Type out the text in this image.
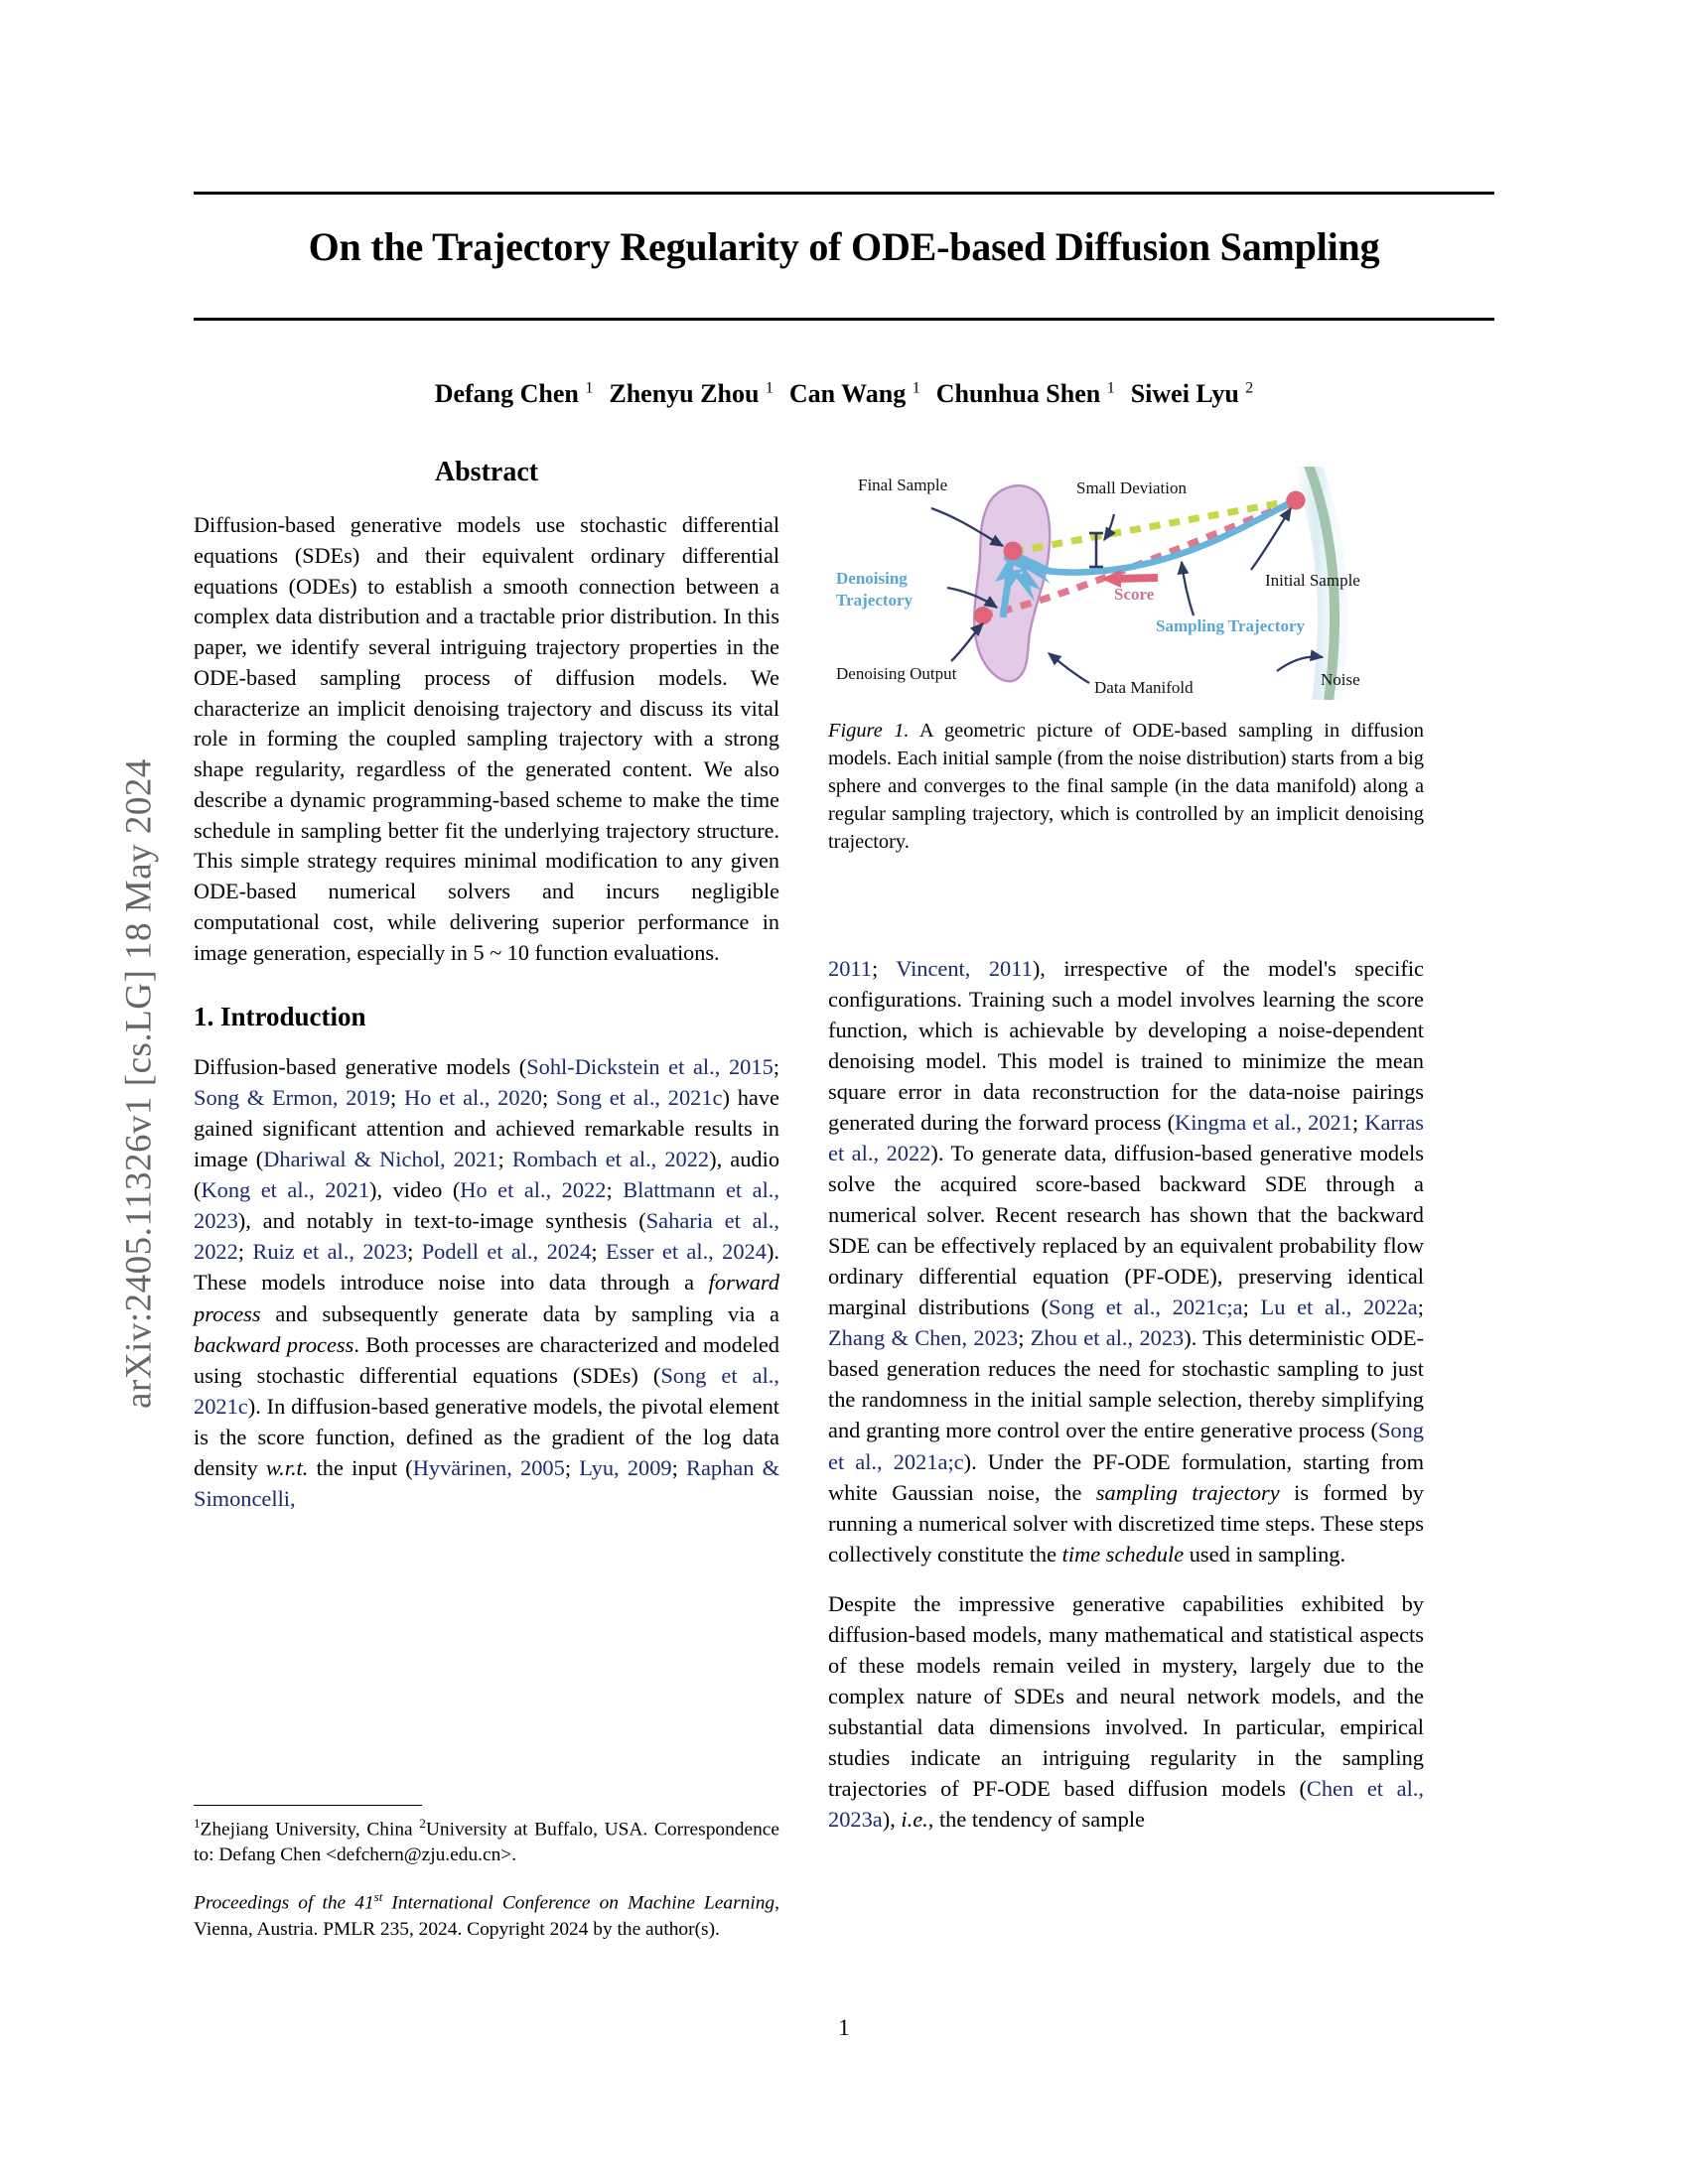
arXiv:2405.11326v1 [cs.LG] 18 May 2024
On the Trajectory Regularity of ODE-based Diffusion Sampling
Defang Chen $^1$ Zhenyu Zhou $^1$ Can Wang $^1$ Chunhua Shen $^1$ Siwei Lyu $^2$
Abstract

Diffusion-based generative models use stochastic differential equations (SDEs) and their equivalent ordinary differential equations (ODEs) to establish a smooth connection between a complex data distribution and a tractable prior distribution. In this paper, we identify several intriguing trajectory properties in the ODE-based sampling process of diffusion models. We characterize an implicit denoising trajectory and discuss its vital role in forming the coupled sampling trajectory with a strong shape regularity, regardless of the generated content. We also describe a dynamic programming-based scheme to make the time schedule in sampling better fit the underlying trajectory structure. This simple strategy requires minimal modification to any given ODE-based numerical solvers and incurs negligible computational cost, while delivering superior performance in image generation, especially in 5 ~ 10 function evaluations.

1. Introduction

Diffusion-based generative models (Sohl-Dickstein et al., 2015; Song & Ermon, 2019; Ho et al., 2020; Song et al., 2021c) have gained significant attention and achieved remarkable results in image (Dhariwal & Nichol, 2021; Rombach et al., 2022), audio (Kong et al., 2021), video (Ho et al., 2022; Blattmann et al., 2023), and notably in text-to-image synthesis (Saharia et al., 2022; Ruiz et al., 2023; Podell et al., 2024; Esser et al., 2024). These models introduce noise into data through a forward process and subsequently generate data by sampling via a backward process. Both processes are characterized and modeled using stochastic differential equations (SDEs) (Song et al., 2021c). In diffusion-based generative models, the pivotal element is the score function, defined as the gradient of the log data density w.r.t. the input (Hyvärinen, 2005; Lyu, 2009; Raphan & Simoncelli,

Final Sample	Small Deviation
Initial Sample
Denoising
Trajectory	Score
Sampling Trajectory
Denoising Output
Data Manifold	Noise
Figure 1. A geometric picture of ODE-based sampling in diffusion models. Each initial sample (from the noise distribution) starts from a big sphere and converges to the final sample (in the data manifold) along a regular sampling trajectory, which is controlled by an implicit denoising trajectory.

2011; Vincent, 2011), irrespective of the model's specific configurations. Training such a model involves learning the score function, which is achievable by developing a noise-dependent denoising model. This model is trained to minimize the mean square error in data reconstruction for the data-noise pairings generated during the forward process (Kingma et al., 2021; Karras et al., 2022). To generate data, diffusion-based generative models solve the acquired score-based backward SDE through a numerical solver. Recent research has shown that the backward SDE can be effectively replaced by an equivalent probability flow ordinary differential equation (PF-ODE), preserving identical marginal distributions (Song et al., 2021c;a; Lu et al., 2022a; Zhang & Chen, 2023; Zhou et al., 2023). This deterministic ODE-based generation reduces the need for stochastic sampling to just the randomness in the initial sample selection, thereby simplifying and granting more control over the entire generative process (Song et al., 2021a;c). Under the PF-ODE formulation, starting from white Gaussian noise, the sampling trajectory is formed by running a numerical solver with discretized time steps. These steps collectively constitute the time schedule used in sampling.

Despite the impressive generative capabilities exhibited by diffusion-based models, many mathematical and statistical aspects of these models remain veiled in mystery, largely due to the complex nature of SDEs and neural network models, and the substantial data dimensions involved. In particular, empirical studies indicate an intriguing regularity in the sampling trajectories of PF-ODE based diffusion models (Chen et al., 2023a), i.e., the tendency of sample

$^1$Zhejiang University, China $^2$University at Buffalo, USA. Correspondence to: Defang Chen <defchern@zju.edu.cn>.

Proceedings of the 41st International Conference on Machine Learning, Vienna, Austria. PMLR 235, 2024. Copyright 2024 by the author(s).

1
